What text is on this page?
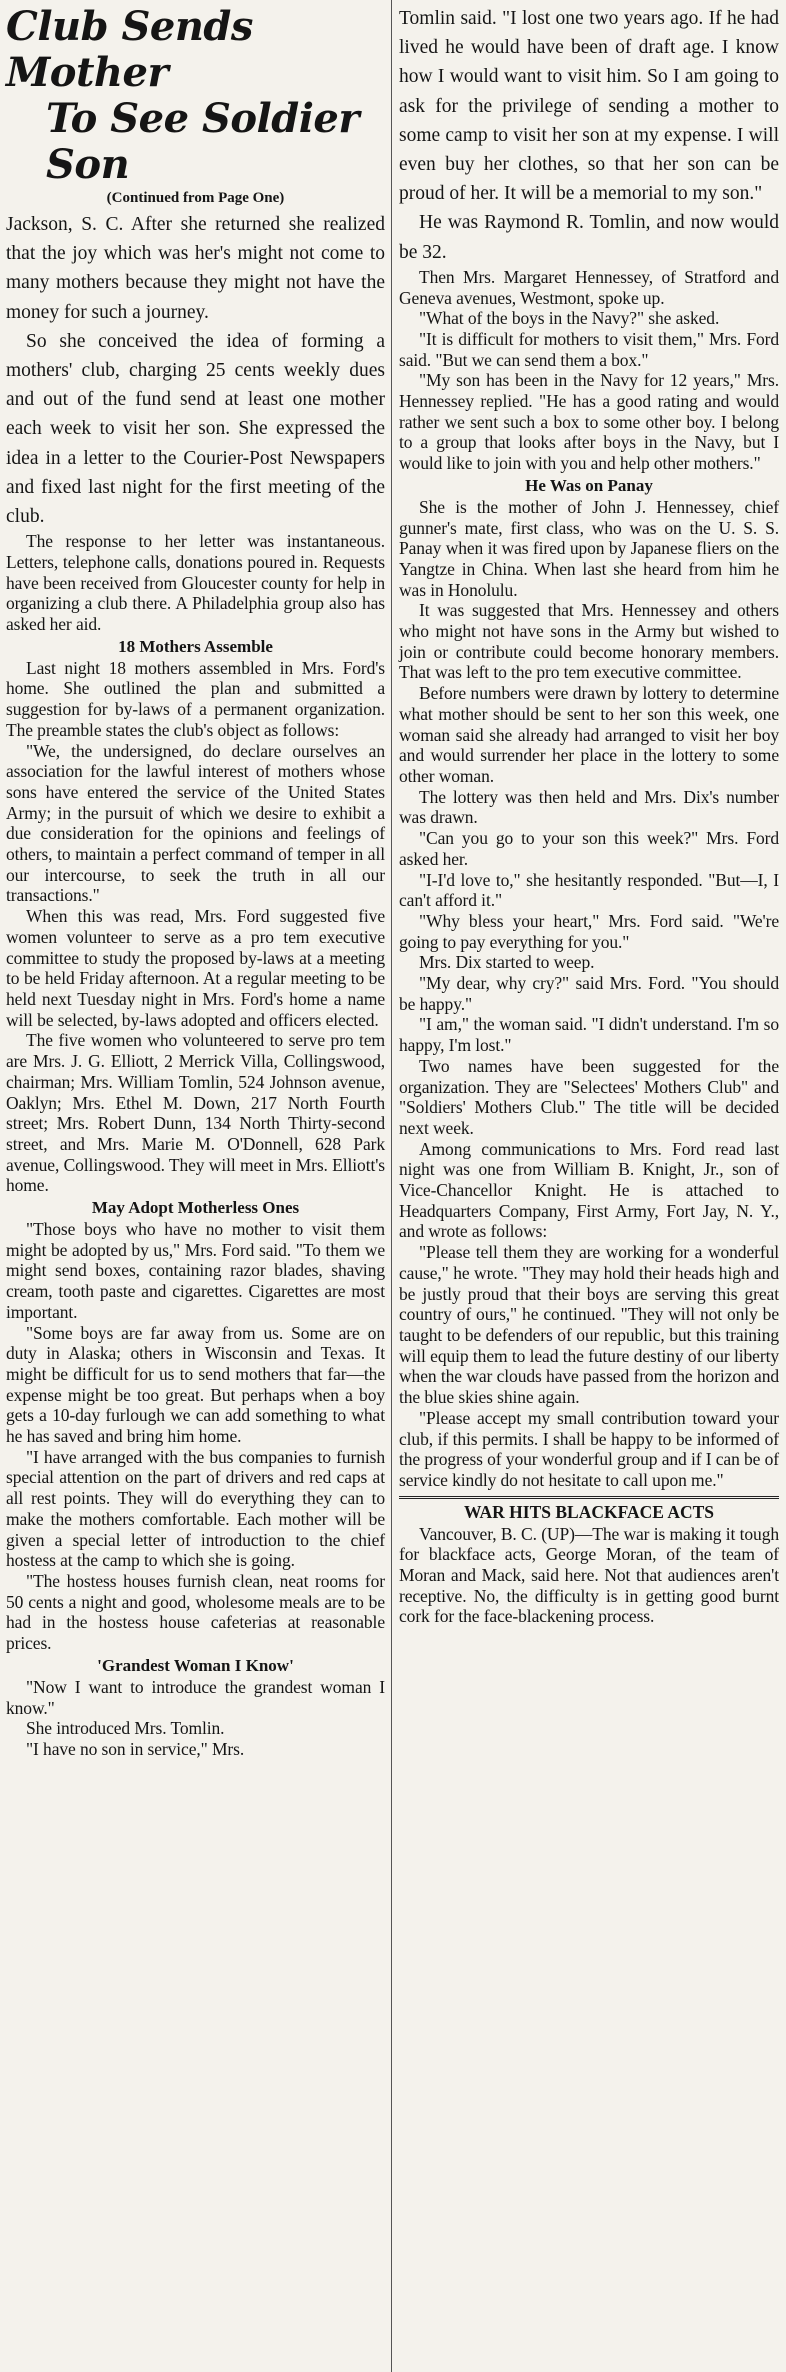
Club Sends Mother
To See Soldier Son
(Continued from Page One)

Jackson, S. C. After she returned she realized that the joy which was her's might not come to many mothers because they might not have the money for such a journey.

So she conceived the idea of forming a mothers' club, charging 25 cents weekly dues and out of the fund send at least one mother each week to visit her son. She expressed the idea in a letter to the Courier-Post Newspapers and fixed last night for the first meeting of the club.

The response to her letter was instantaneous. Letters, telephone calls, donations poured in. Requests have been received from Gloucester county for help in organizing a club there. A Philadelphia group also has asked her aid.

18 Mothers Assemble

Last night 18 mothers assembled in Mrs. Ford's home. She outlined the plan and submitted a suggestion for by-laws of a permanent organization. The preamble states the club's object as follows:

"We, the undersigned, do declare ourselves an association for the lawful interest of mothers whose sons have entered the service of the United States Army; in the pursuit of which we desire to exhibit a due consideration for the opinions and feelings of others, to maintain a perfect command of temper in all our intercourse, to seek the truth in all our transactions."

When this was read, Mrs. Ford suggested five women volunteer to serve as a pro tem executive committee to study the proposed by-laws at a meeting to be held Friday afternoon. At a regular meeting to be held next Tuesday night in Mrs. Ford's home a name will be selected, by-laws adopted and officers elected.

The five women who volunteered to serve pro tem are Mrs. J. G. Elliott, 2 Merrick Villa, Collingswood, chairman; Mrs. William Tomlin, 524 Johnson avenue, Oaklyn; Mrs. Ethel M. Down, 217 North Fourth street; Mrs. Robert Dunn, 134 North Thirty-second street, and Mrs. Marie M. O'Donnell, 628 Park avenue, Collingswood. They will meet in Mrs. Elliott's home.

May Adopt Motherless Ones

"Those boys who have no mother to visit them might be adopted by us," Mrs. Ford said. "To them we might send boxes, containing razor blades, shaving cream, tooth paste and cigarettes. Cigarettes are most important.

"Some boys are far away from us. Some are on duty in Alaska; others in Wisconsin and Texas. It might be difficult for us to send mothers that far—the expense might be too great. But perhaps when a boy gets a 10-day furlough we can add something to what he has saved and bring him home.

"I have arranged with the bus companies to furnish special attention on the part of drivers and red caps at all rest points. They will do everything they can to make the mothers comfortable. Each mother will be given a special letter of introduction to the chief hostess at the camp to which she is going.

"The hostess houses furnish clean, neat rooms for 50 cents a night and good, wholesome meals are to be had in the hostess house cafeterias at reasonable prices.

'Grandest Woman I Know'

"Now I want to introduce the grandest woman I know."

She introduced Mrs. Tomlin.

"I have no son in service," Mrs.

Tomlin said. "I lost one two years ago. If he had lived he would have been of draft age. I know how I would want to visit him. So I am going to ask for the privilege of sending a mother to some camp to visit her son at my expense. I will even buy her clothes, so that her son can be proud of her. It will be a memorial to my son."

He was Raymond R. Tomlin, and now would be 32.

Then Mrs. Margaret Hennessey, of Stratford and Geneva avenues, Westmont, spoke up.

"What of the boys in the Navy?" she asked.

"It is difficult for mothers to visit them," Mrs. Ford said. "But we can send them a box."

"My son has been in the Navy for 12 years," Mrs. Hennessey replied. "He has a good rating and would rather we sent such a box to some other boy. I belong to a group that looks after boys in the Navy, but I would like to join with you and help other mothers."

He Was on Panay

She is the mother of John J. Hennessey, chief gunner's mate, first class, who was on the U. S. S. Panay when it was fired upon by Japanese fliers on the Yangtze in China. When last she heard from him he was in Honolulu.

It was suggested that Mrs. Hennessey and others who might not have sons in the Army but wished to join or contribute could become honorary members. That was left to the pro tem executive committee.

Before numbers were drawn by lottery to determine what mother should be sent to her son this week, one woman said she already had arranged to visit her boy and would surrender her place in the lottery to some other woman.

The lottery was then held and Mrs. Dix's number was drawn.

"Can you go to your son this week?" Mrs. Ford asked her.

"I-I'd love to," she hesitantly responded. "But—I, I can't afford it."

"Why bless your heart," Mrs. Ford said. "We're going to pay everything for you."

Mrs. Dix started to weep.

"My dear, why cry?" said Mrs. Ford. "You should be happy."

"I am," the woman said. "I didn't understand. I'm so happy, I'm lost."

Two names have been suggested for the organization. They are "Selectees' Mothers Club" and "Soldiers' Mothers Club." The title will be decided next week.

Among communications to Mrs. Ford read last night was one from William B. Knight, Jr., son of Vice-Chancellor Knight. He is attached to Headquarters Company, First Army, Fort Jay, N. Y., and wrote as follows:

"Please tell them they are working for a wonderful cause," he wrote. "They may hold their heads high and be justly proud that their boys are serving this great country of ours," he continued. "They will not only be taught to be defenders of our republic, but this training will equip them to lead the future destiny of our liberty when the war clouds have passed from the horizon and the blue skies shine again.

"Please accept my small contribution toward your club, if this permits. I shall be happy to be informed of the progress of your wonderful group and if I can be of service kindly do not hesitate to call upon me."

WAR HITS BLACKFACE ACTS

Vancouver, B. C. (UP)—The war is making it tough for blackface acts, George Moran, of the team of Moran and Mack, said here. Not that audiences aren't receptive. No, the difficulty is in getting good burnt cork for the face-blackening process.
